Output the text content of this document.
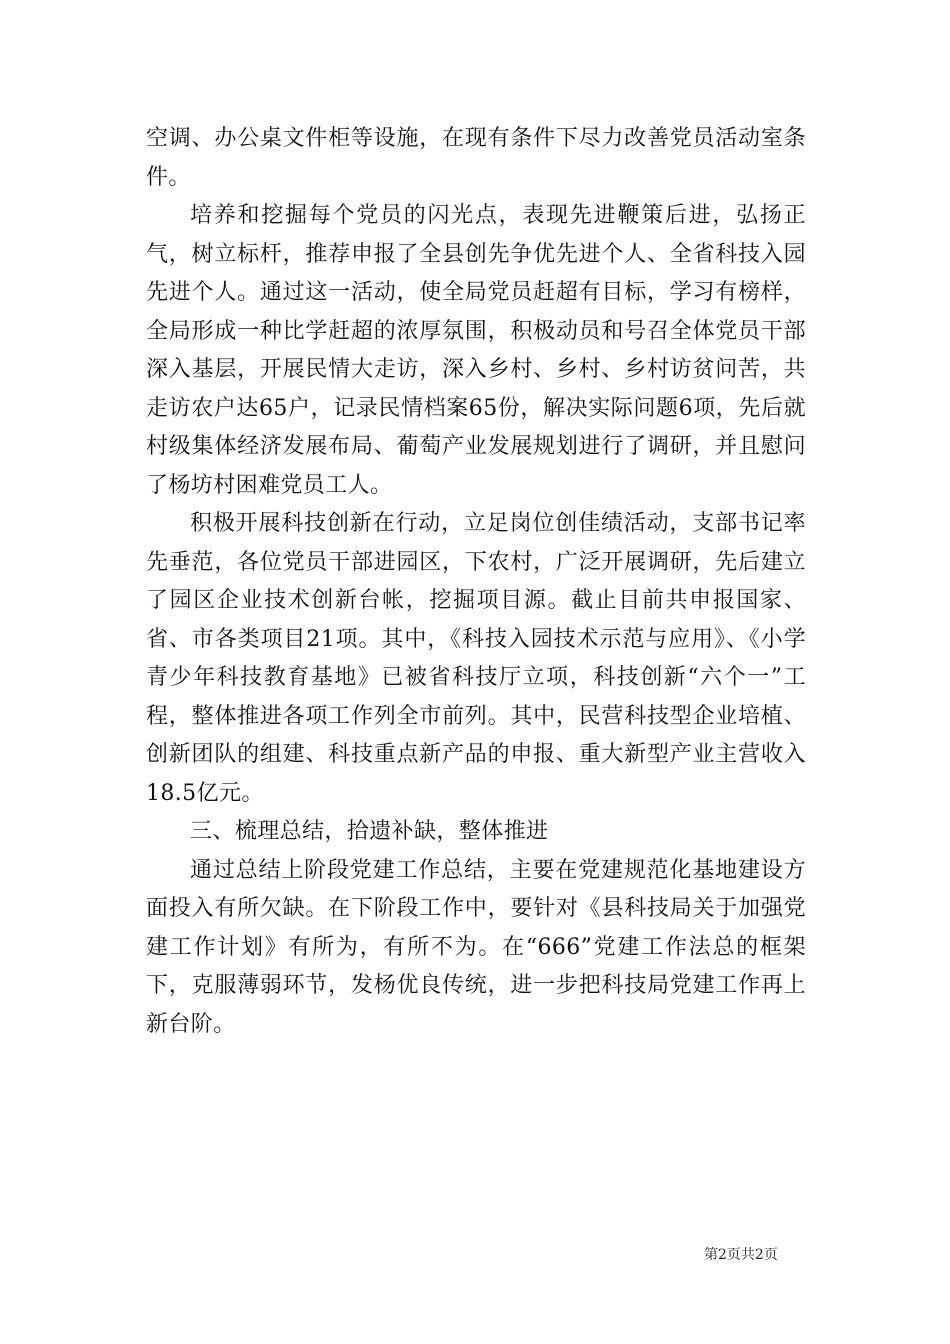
空调、办公桌文件柜等设施，在现有条件下尽力改善党员活动室条件。

培养和挖掘每个党员的闪光点，表现先进鞭策后进，弘扬正气，树立标杆，推荐申报了全县创先争优先进个人、全省科技入园先进个人。通过这一活动，使全局党员赶超有目标，学习有榜样，全局形成一种比学赶超的浓厚氛围，积极动员和号召全体党员干部深入基层，开展民情大走访，深入乡村、乡村、乡村访贫问苦，共走访农户达65户，记录民情档案65份，解决实际问题6项，先后就村级集体经济发展布局、葡萄产业发展规划进行了调研，并且慰问了杨坊村困难党员工人。

积极开展科技创新在行动，立足岗位创佳绩活动，支部书记率先垂范，各位党员干部进园区，下农村，广泛开展调研，先后建立了园区企业技术创新台帐，挖掘项目源。截止目前共申报国家、省、市各类项目21项。其中，《科技入园技术示范与应用》、《小学青少年科技教育基地》已被省科技厅立项，科技创新“六个一”工程，整体推进各项工作列全市前列。其中，民营科技型企业培植、创新团队的组建、科技重点新产品的申报、重大新型产业主营收入18.5亿元。

三、梳理总结，拾遗补缺，整体推进

通过总结上阶段党建工作总结，主要在党建规范化基地建设方面投入有所欠缺。在下阶段工作中，要针对《县科技局关于加强党建工作计划》有所为，有所不为。在“666”党建工作法总的框架下，克服薄弱环节，发杨优良传统，进一步把科技局党建工作再上新台阶。

第2页共2页
